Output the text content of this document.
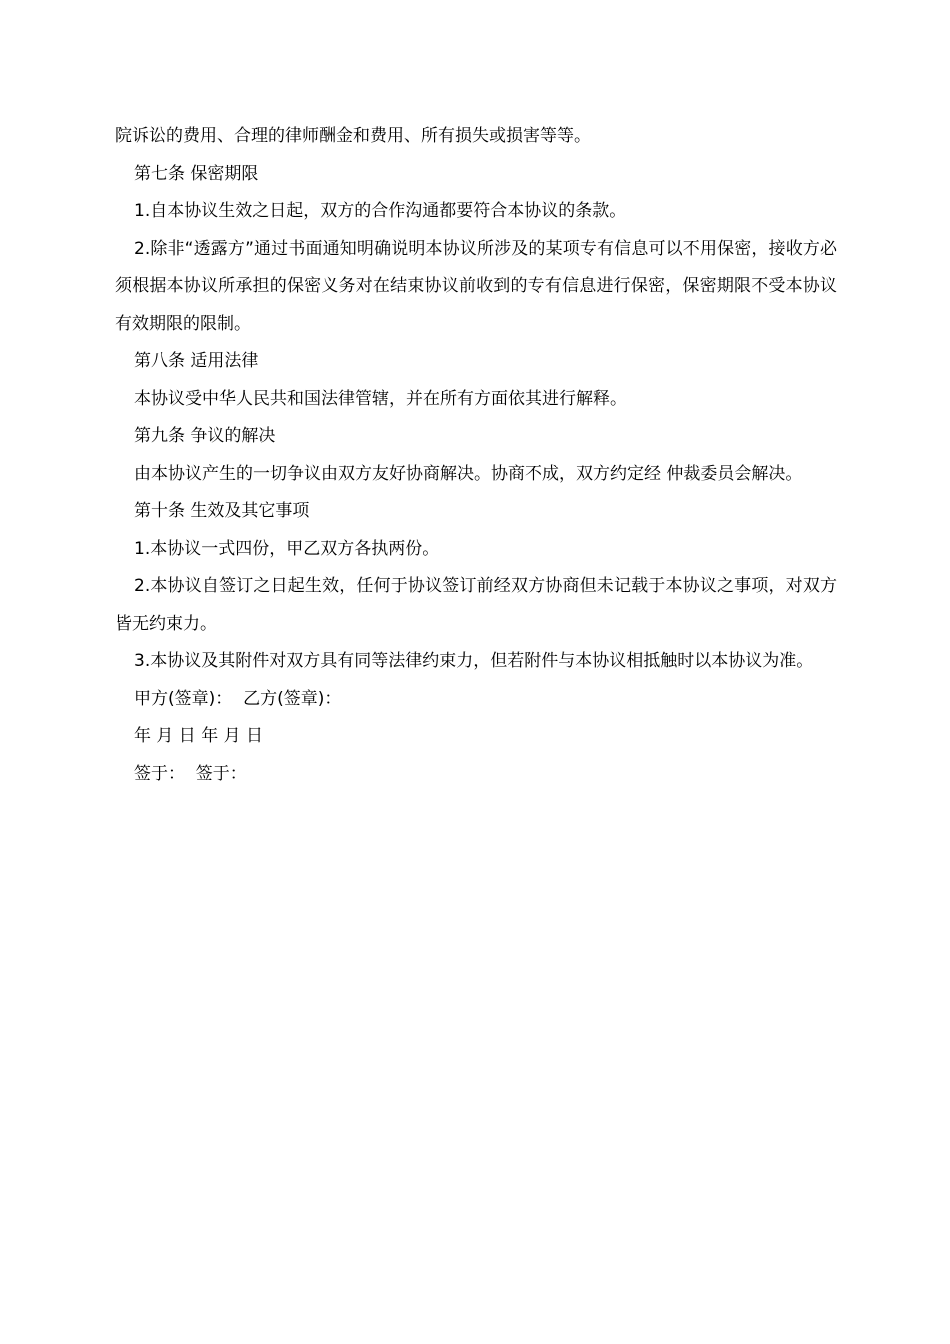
院诉讼的费用、合理的律师酬金和费用、所有损失或损害等等。

第七条 保密期限

1.自本协议生效之日起，双方的合作沟通都要符合本协议的条款。

2.除非“透露方”通过书面通知明确说明本协议所涉及的某项专有信息可以不用保密，接收方必须根据本协议所承担的保密义务对在结束协议前收到的专有信息进行保密，保密期限不受本协议有效期限的限制。

第八条 适用法律

本协议受中华人民共和国法律管辖，并在所有方面依其进行解释。

第九条 争议的解决

由本协议产生的一切争议由双方友好协商解决。协商不成，双方约定经 仲裁委员会解决。

第十条 生效及其它事项

1.本协议一式四份，甲乙双方各执两份。

2.本协议自签订之日起生效，任何于协议签订前经双方协商但未记载于本协议之事项，对双方皆无约束力。

3.本协议及其附件对双方具有同等法律约束力，但若附件与本协议相抵触时以本协议为准。

甲方(签章)：  乙方(签章)：

年 月 日 年 月 日

签于：  签于：
